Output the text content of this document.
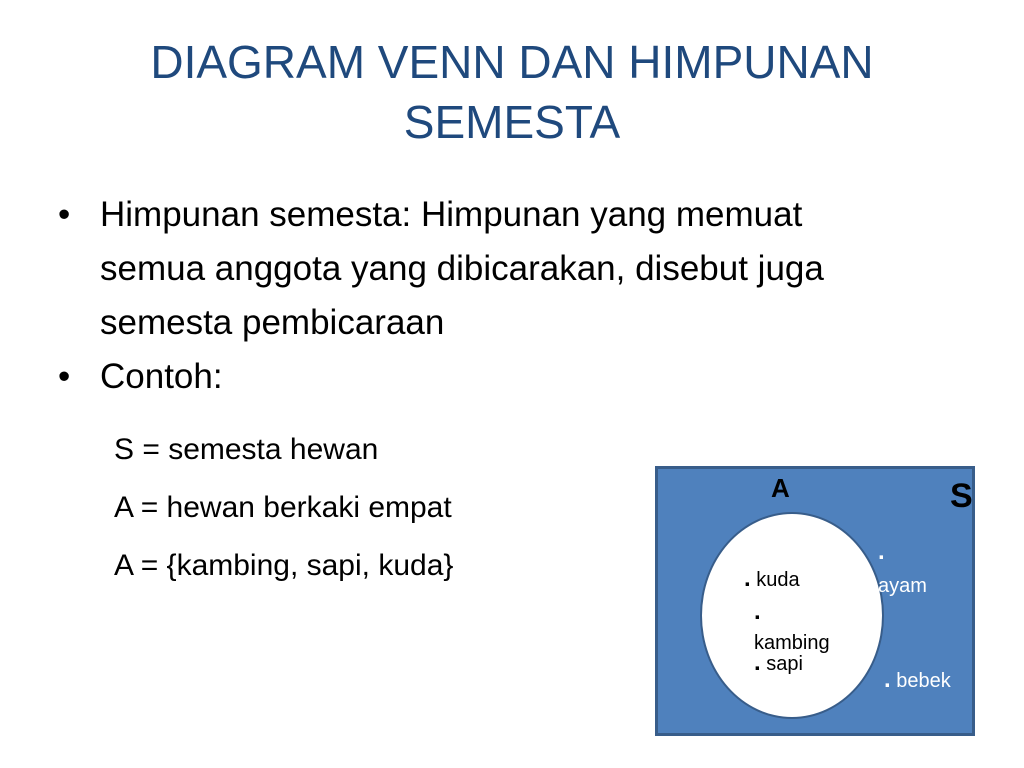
DIAGRAM VENN DAN HIMPUNAN
SEMESTA
• Himpunan semesta: Himpunan yang memuat
semua anggota yang dibicarakan, disebut juga
semesta pembicaraan
• Contoh:
S = semesta hewan
A = hewan berkaki empat
A = {kambing, sapi, kuda}
A	S
. kuda
.
kambing
. sapi
.
ayam
. bebek
